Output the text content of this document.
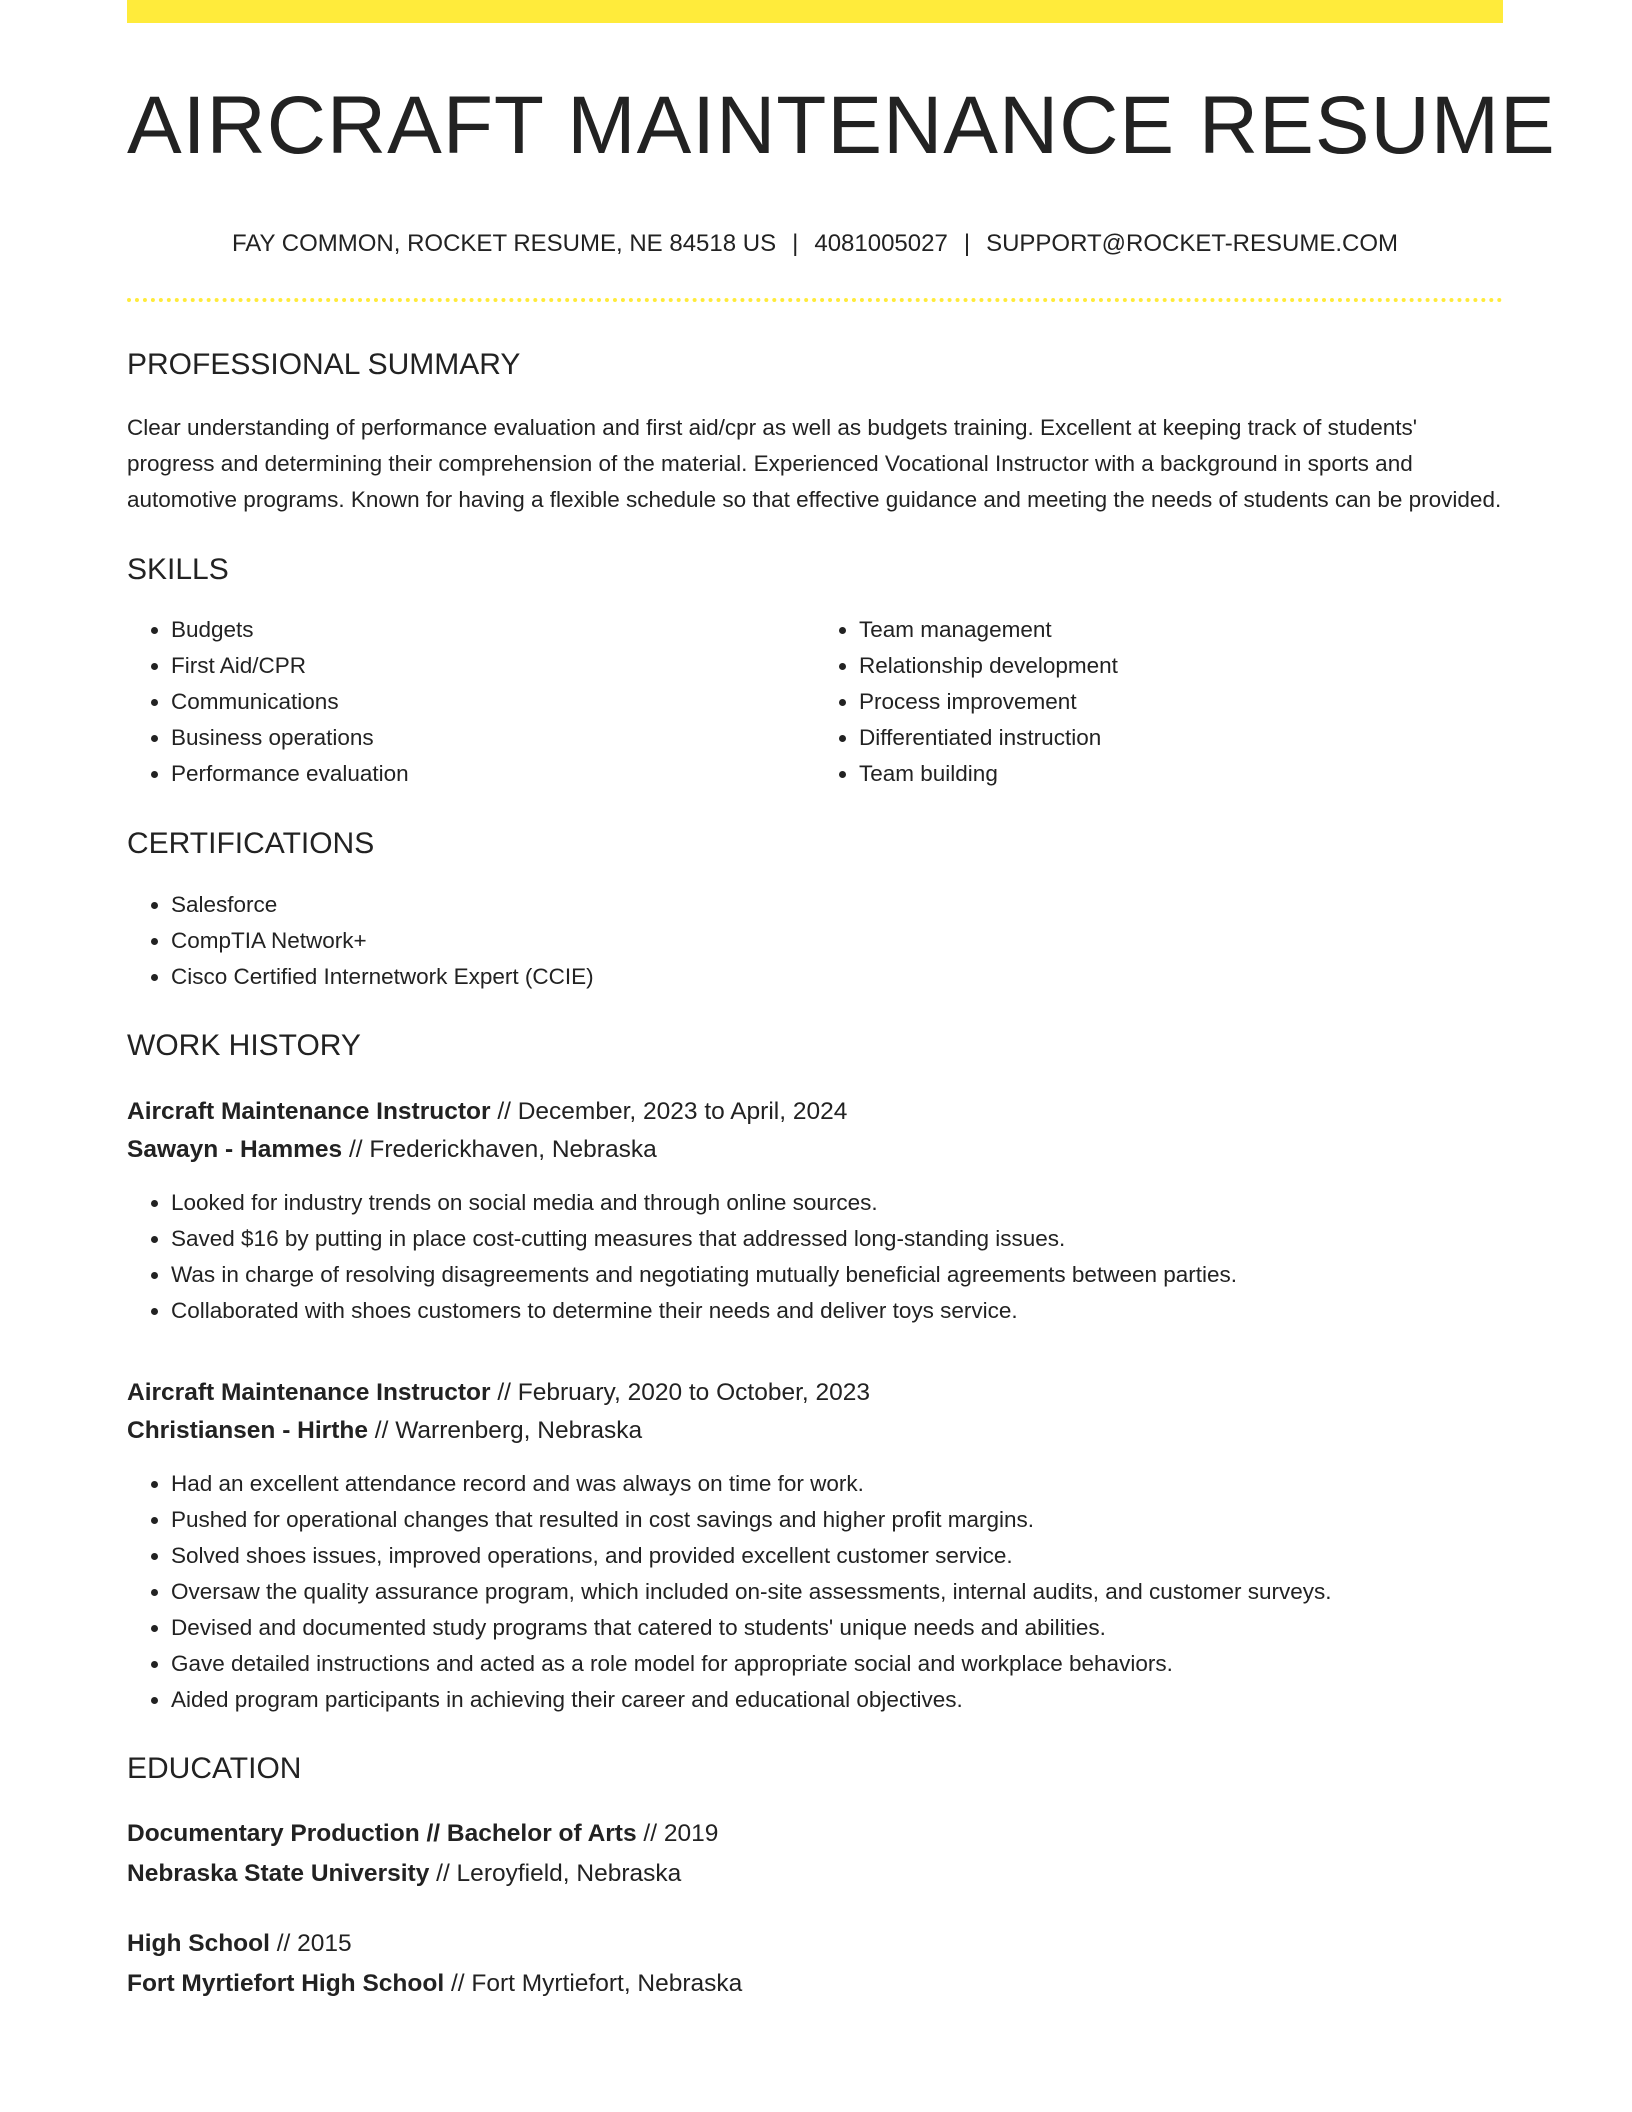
AIRCRAFT MAINTENANCE RESUME
FAY COMMON, ROCKET RESUME, NE 84518 US | 4081005027 | SUPPORT@ROCKET-RESUME.COM
PROFESSIONAL SUMMARY

Clear understanding of performance evaluation and first aid/cpr as well as budgets training. Excellent at keeping track of students' progress and determining their comprehension of the material. Experienced Vocational Instructor with a background in sports and automotive programs. Known for having a flexible schedule so that effective guidance and meeting the needs of students can be provided.

SKILLS
• Budgets
• First Aid/CPR
• Communications
• Business operations
• Performance evaluation
• Team management
• Relationship development
• Process improvement
• Differentiated instruction
• Team building
CERTIFICATIONS
• Salesforce
• CompTIA Network+
• Cisco Certified Internetwork Expert (CCIE)
WORK HISTORY
Aircraft Maintenance Instructor // December, 2023 to April, 2024
Sawayn - Hammes // Frederickhaven, Nebraska
• Looked for industry trends on social media and through online sources.
• Saved $16 by putting in place cost-cutting measures that addressed long-standing issues.
• Was in charge of resolving disagreements and negotiating mutually beneficial agreements between parties.
• Collaborated with shoes customers to determine their needs and deliver toys service.
Aircraft Maintenance Instructor // February, 2020 to October, 2023
Christiansen - Hirthe // Warrenberg, Nebraska
• Had an excellent attendance record and was always on time for work.
• Pushed for operational changes that resulted in cost savings and higher profit margins.
• Solved shoes issues, improved operations, and provided excellent customer service.
• Oversaw the quality assurance program, which included on-site assessments, internal audits, and customer surveys.
• Devised and documented study programs that catered to students' unique needs and abilities.
• Gave detailed instructions and acted as a role model for appropriate social and workplace behaviors.
• Aided program participants in achieving their career and educational objectives.
EDUCATION
Documentary Production // Bachelor of Arts // 2019
Nebraska State University // Leroyfield, Nebraska
High School // 2015
Fort Myrtiefort High School // Fort Myrtiefort, Nebraska
